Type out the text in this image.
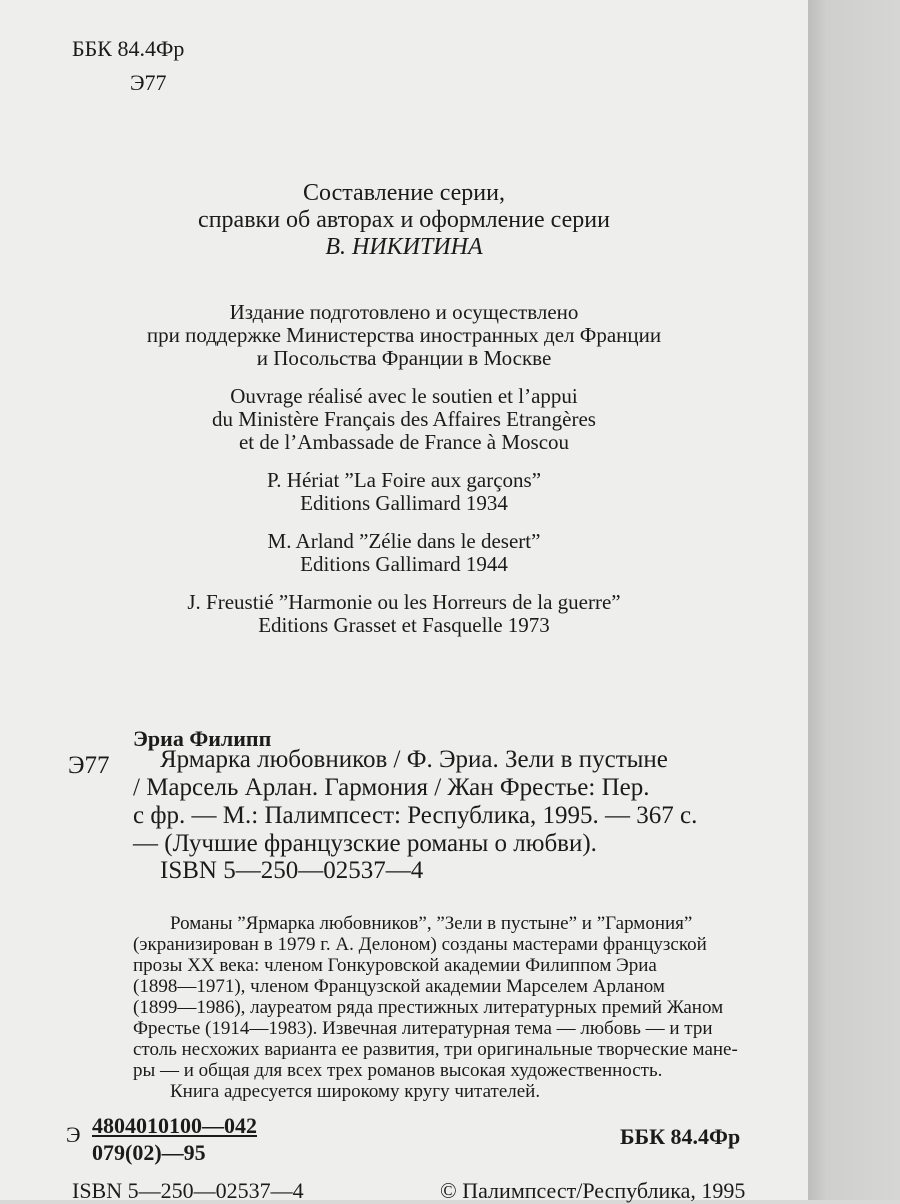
ББК 84.4Фр
Э77
Составление серии,
справки об авторах и оформление серии
В. НИКИТИНА
Издание подготовлено и осуществлено
при поддержке Министерства иностранных дел Франции
и Посольства Франции в Москве
Ouvrage réalisé avec le soutien et l’appui
du Ministère Français des Affaires Etrangères
et de l’Ambassade de France à Moscou
P. Hériat ”La Foire aux garçons”
Editions Gallimard 1934
M. Arland ”Zélie dans le desert”
Editions Gallimard 1944
J. Freustié ”Harmonie ou les Horreurs de la guerre”
Editions Grasset et Fasquelle 1973
Эриа Филипп
Э77 Ярмарка любовников / Ф. Эриа. Зели в пустыне
/ Марсель Арлан. Гармония / Жан Фрестье: Пер.
с фр. — М.: Палимпсест: Республика, 1995. — 367 с.
— (Лучшие французские романы о любви).
ISBN 5—250—02537—4
Романы ”Ярмарка любовников”, ”Зели в пустыне” и ”Гармония”
(экранизирован в 1979 г. А. Делоном) созданы мастерами французской
прозы XX века: членом Гонкуровской академии Филиппом Эриа
(1898—1971), членом Французской академии Марселем Арланом
(1899—1986), лауреатом ряда престижных литературных премий Жаном
Фрестье (1914—1983). Извечная литературная тема — любовь — и три
столь несхожих варианта ее развития, три оригинальные творческие мане-
ры — и общая для всех трех романов высокая художественность.
Книга адресуется широкому кругу читателей.
Э 4804010100—042
079(02)—95
ББК 84.4Фр
ISBN 5—250—02537—4	© Палимпсест/Республика, 1995
